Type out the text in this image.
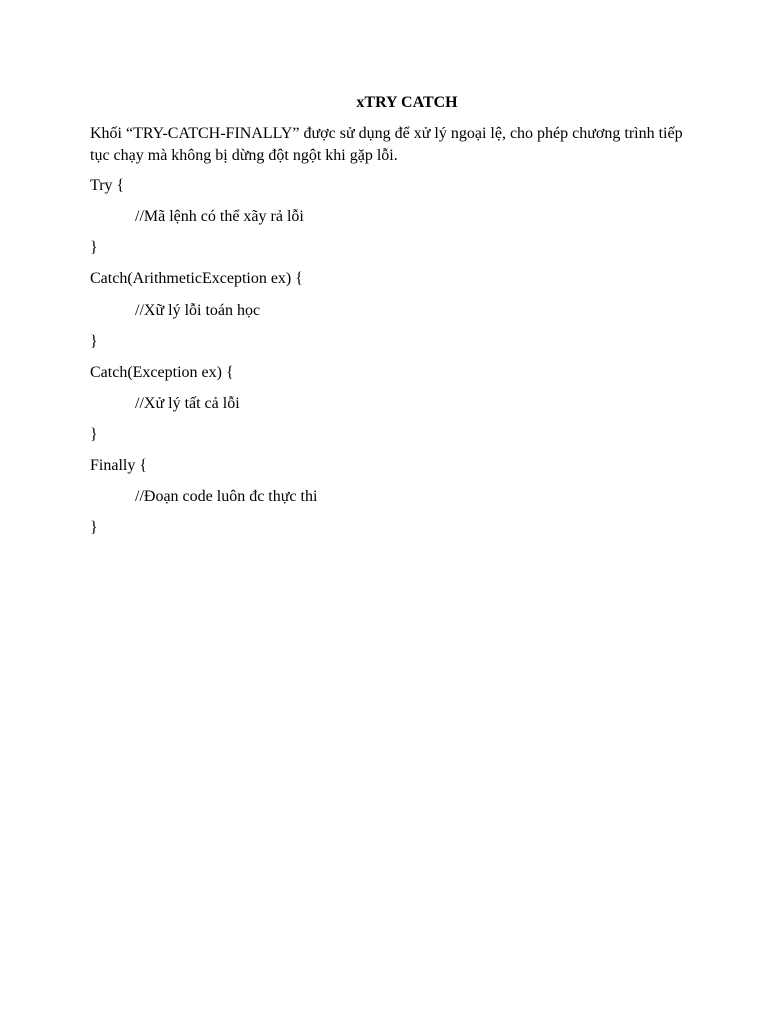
xTRY CATCH

Khối “TRY-CATCH-FINALLY” được sử dụng để xử lý ngoại lệ, cho phép chương trình tiếp tục chạy mà không bị dừng đột ngột khi gặp lỗi.

Try {
//Mã lệnh có thể xãy rả lỗi
}
Catch(ArithmeticException ex) {
//Xữ lý lỗi toán học
}
Catch(Exception ex) {
//Xử lý tất cả lỗi
}
Finally {
//Đoạn code luôn đc thực thi
}
